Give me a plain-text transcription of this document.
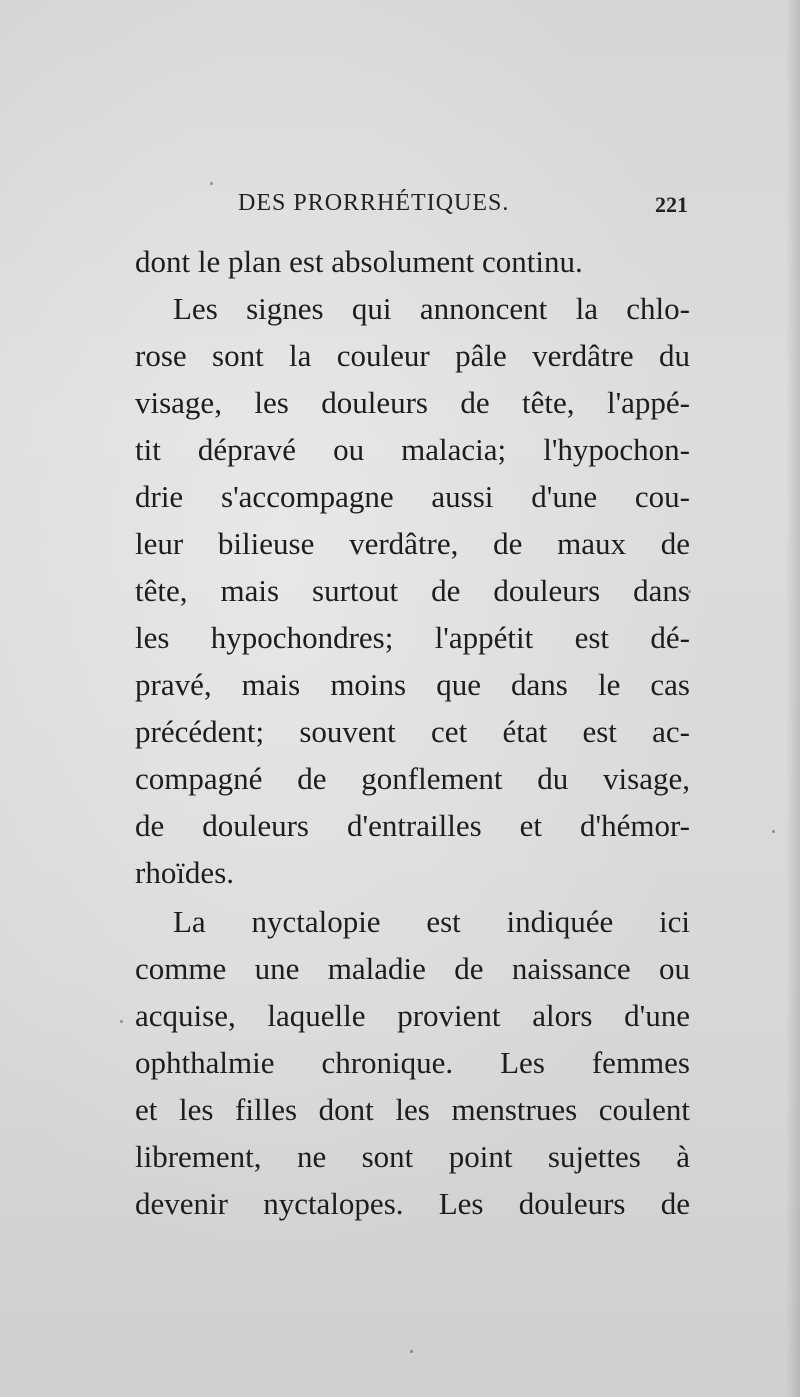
DES PRORRHÉTIQUES.	221
dont le plan est absolument continu.
Les signes qui annoncent la chlo-
rose sont la couleur pâle verdâtre du
visage, les douleurs de tête, l'appé-
tit dépravé ou malacia; l'hypochon-
drie s'accompagne aussi d'une cou-
leur bilieuse verdâtre, de maux de
tête, mais surtout de douleurs dans
les hypochondres; l'appétit est dé-
pravé, mais moins que dans le cas
précédent; souvent cet état est ac-
compagné de gonflement du visage,
de douleurs d'entrailles et d'hémor-
rhoïdes.
La nyctalopie est indiquée ici
comme une maladie de naissance ou
acquise, laquelle provient alors d'une
ophthalmie chronique. Les femmes
et les filles dont les menstrues coulent
librement, ne sont point sujettes à
devenir nyctalopes. Les douleurs de
